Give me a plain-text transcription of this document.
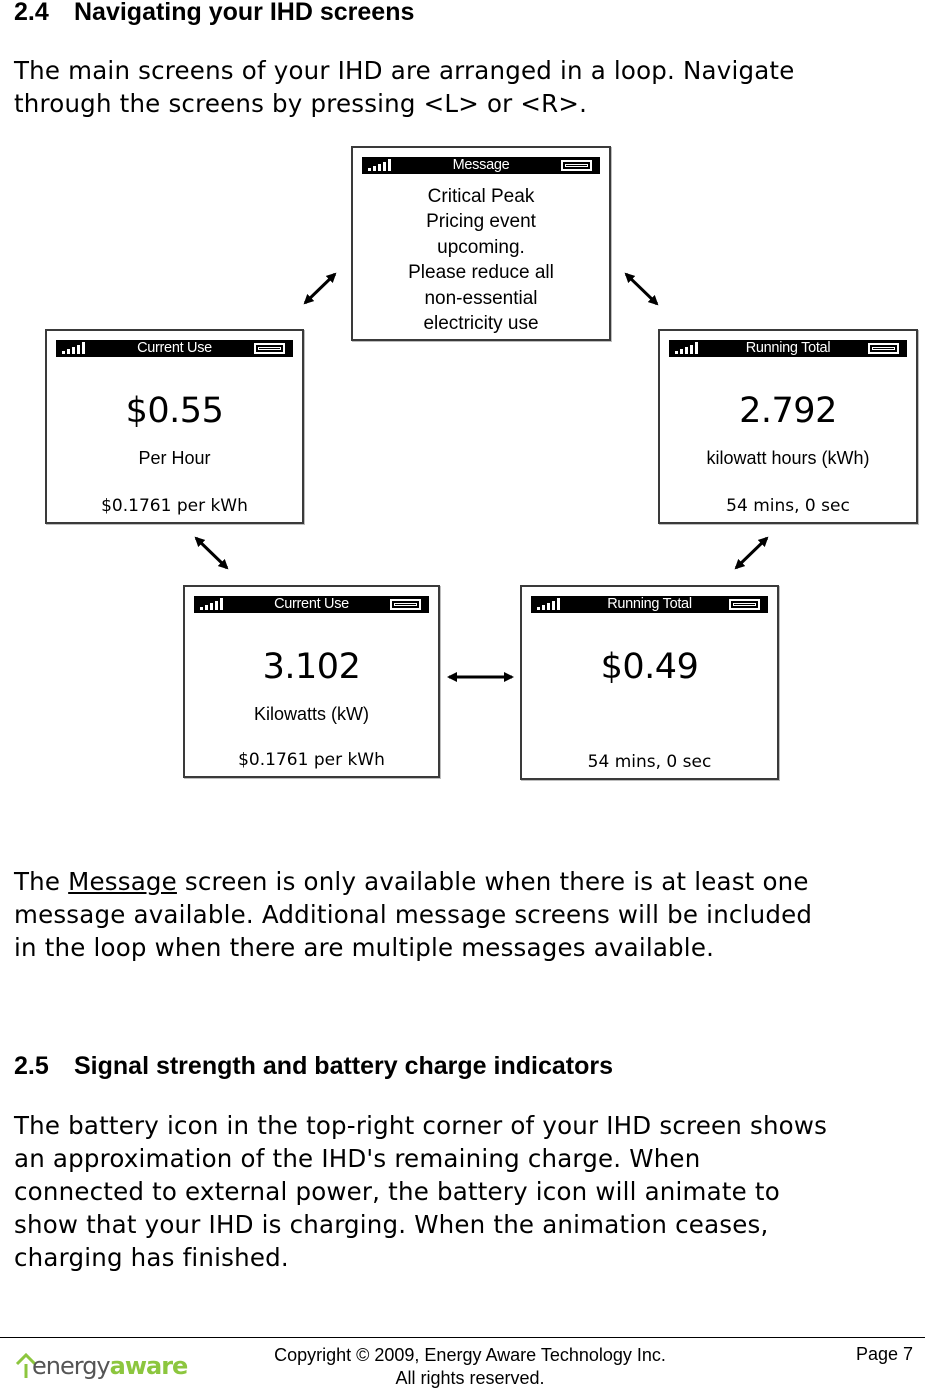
2.4 Navigating your IHD screens

The main screens of your IHD are arranged in a loop. Navigate
through the screens by pressing <L> or <R>.

Message
Critical Peak
Pricing event
upcoming.
Please reduce all
non-essential
electricity use
Current Use
$0.55
Per Hour
$0.1761 per kWh
Running Total
2.792
kilowatt hours (kWh)
54 mins, 0 sec
Current Use
3.102
Kilowatts (kW)
$0.1761 per kWh
Running Total
$0.49
54 mins, 0 sec

The Message screen is only available when there is at least one
message available. Additional message screens will be included
in the loop when there are multiple messages available.

2.5 Signal strength and battery charge indicators

The battery icon in the top-right corner of your IHD screen shows
an approximation of the IHD's remaining charge. When
connected to external power, the battery icon will animate to
show that your IHD is charging. When the animation ceases,
charging has finished.

energyaware	Copyright © 2009, Energy Aware Technology Inc.
All rights reserved.
Page 7
